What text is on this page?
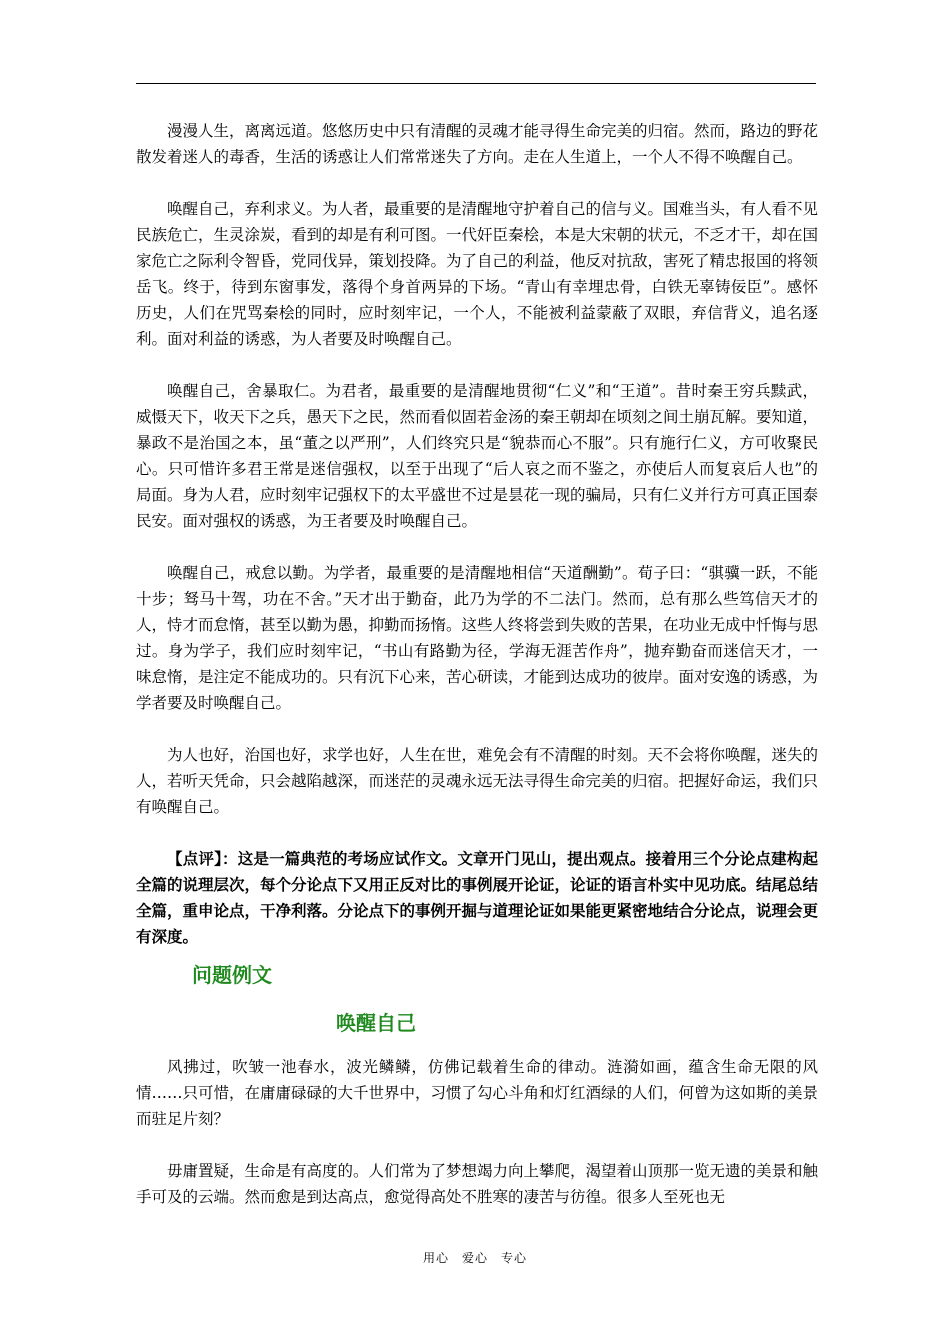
漫漫人生，离离远道。悠悠历史中只有清醒的灵魂才能寻得生命完美的归宿。然而，路边的野花散发着迷人的毒香，生活的诱惑让人们常常迷失了方向。走在人生道上，一个人不得不唤醒自己。

唤醒自己，弃利求义。为人者，最重要的是清醒地守护着自己的信与义。国难当头，有人看不见民族危亡，生灵涂炭，看到的却是有利可图。一代奸臣秦桧，本是大宋朝的状元，不乏才干，却在国家危亡之际利令智昏，党同伐异，策划投降。为了自己的利益，他反对抗敌，害死了精忠报国的将领岳飞。终于，待到东窗事发，落得个身首两异的下场。“青山有幸埋忠骨，白铁无辜铸佞臣”。感怀历史，人们在咒骂秦桧的同时，应时刻牢记，一个人，不能被利益蒙蔽了双眼，弃信背义，追名逐利。面对利益的诱惑，为人者要及时唤醒自己。

唤醒自己，舍暴取仁。为君者，最重要的是清醒地贯彻“仁义”和“王道”。昔时秦王穷兵黩武，威慑天下，收天下之兵，愚天下之民，然而看似固若金汤的秦王朝却在顷刻之间土崩瓦解。要知道，暴政不是治国之本，虽“董之以严刑”，人们终究只是“貌恭而心不服”。只有施行仁义，方可收聚民心。只可惜许多君王常是迷信强权，以至于出现了“后人哀之而不鉴之，亦使后人而复哀后人也”的局面。身为人君，应时刻牢记强权下的太平盛世不过是昙花一现的骗局，只有仁义并行方可真正国泰民安。面对强权的诱惑，为王者要及时唤醒自己。

唤醒自己，戒怠以勤。为学者，最重要的是清醒地相信“天道酬勤”。荀子曰：“骐骥一跃，不能十步；驽马十驾，功在不舍。”天才出于勤奋，此乃为学的不二法门。然而，总有那么些笃信天才的人，恃才而怠惰，甚至以勤为愚，抑勤而扬惰。这些人终将尝到失败的苦果，在功业无成中忏悔与思过。身为学子，我们应时刻牢记，“书山有路勤为径，学海无涯苦作舟”，抛弃勤奋而迷信天才，一味怠惰，是注定不能成功的。只有沉下心来，苦心研读，才能到达成功的彼岸。面对安逸的诱惑，为学者要及时唤醒自己。

为人也好，治国也好，求学也好，人生在世，难免会有不清醒的时刻。天不会将你唤醒，迷失的人，若听天凭命，只会越陷越深，而迷茫的灵魂永远无法寻得生命完美的归宿。把握好命运，我们只有唤醒自己。

【点评】：这是一篇典范的考场应试作文。文章开门见山，提出观点。接着用三个分论点建构起全篇的说理层次，每个分论点下又用正反对比的事例展开论证，论证的语言朴实中见功底。结尾总结全篇，重申论点，干净利落。分论点下的事例开掘与道理论证如果能更紧密地结合分论点，说理会更有深度。

问题例文
唤醒自己

风拂过，吹皱一池春水，波光鳞鳞，仿佛记载着生命的律动。涟漪如画，蕴含生命无限的风情……只可惜，在庸庸碌碌的大千世界中，习惯了勾心斗角和灯红酒绿的人们，何曾为这如斯的美景而驻足片刻？

毋庸置疑，生命是有高度的。人们常为了梦想竭力向上攀爬，渴望着山顶那一览无遗的美景和触手可及的云端。然而愈是到达高点，愈觉得高处不胜寒的凄苦与彷徨。很多人至死也无

用心　爱心　专心
